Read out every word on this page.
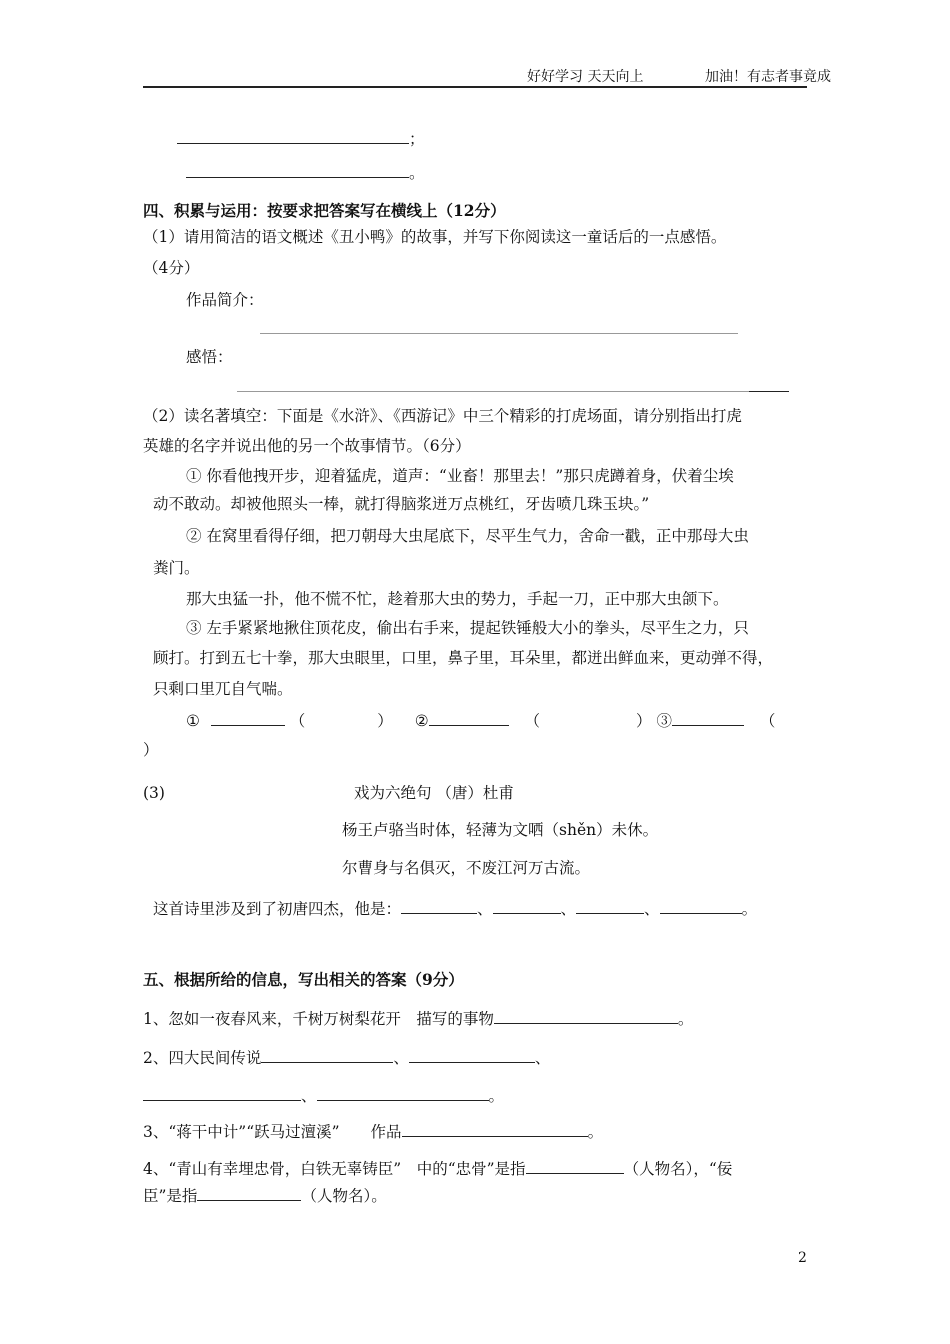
好好学习 天天向上	加油！有志者事竟成
；
。
四、积累与运用：按要求把答案写在横线上（12分）
（1）请用简洁的语文概述《丑小鸭》的故事，并写下你阅读这一童话后的一点感悟。
（4分）
作品简介：
感悟：
（2）读名著填空：下面是《水浒》、《西游记》中三个精彩的打虎场面，请分别指出打虎
英雄的名字并说出他的另一个故事情节。（6分）
① 你看他拽开步，迎着猛虎，道声：“业畜！那里去！”那只虎蹲着身，伏着尘埃
动不敢动。却被他照头一棒，就打得脑浆迸万点桃红，牙齿喷几珠玉块。”
② 在窝里看得仔细，把刀朝母大虫尾底下，尽平生气力，舍命一戳，正中那母大虫
粪门。
那大虫猛一扑，他不慌不忙，趁着那大虫的势力，手起一刀，正中那大虫颌下。
③ 左手紧紧地揪住顶花皮，偷出右手来，提起铁锤般大小的拳头，尽平生之力，只
顾打。打到五七十拳，那大虫眼里，口里，鼻子里，耳朵里，都迸出鲜血来，更动弹不得，
只剩口里兀自气喘。
①	（	） ②	（	） ③	（
）
(3)	戏为六绝句 （唐）杜甫
杨王卢骆当时体，轻薄为文哂（shěn）未休。
尔曹身与名俱灭，不废江河万古流。
这首诗里涉及到了初唐四杰，他是：	、	、	、	。
五、根据所给的信息，写出相关的答案（9分）
1、忽如一夜春风来，千树万树梨花开　描写的事物	。
2、四大民间传说	、	、
、	。
3、“蒋干中计”“跃马过澶溪”　　作品	。
4、“青山有幸埋忠骨，白铁无辜铸臣”　中的“忠骨”是指	（人物名），“佞
臣”是指	（人物名）。
2
